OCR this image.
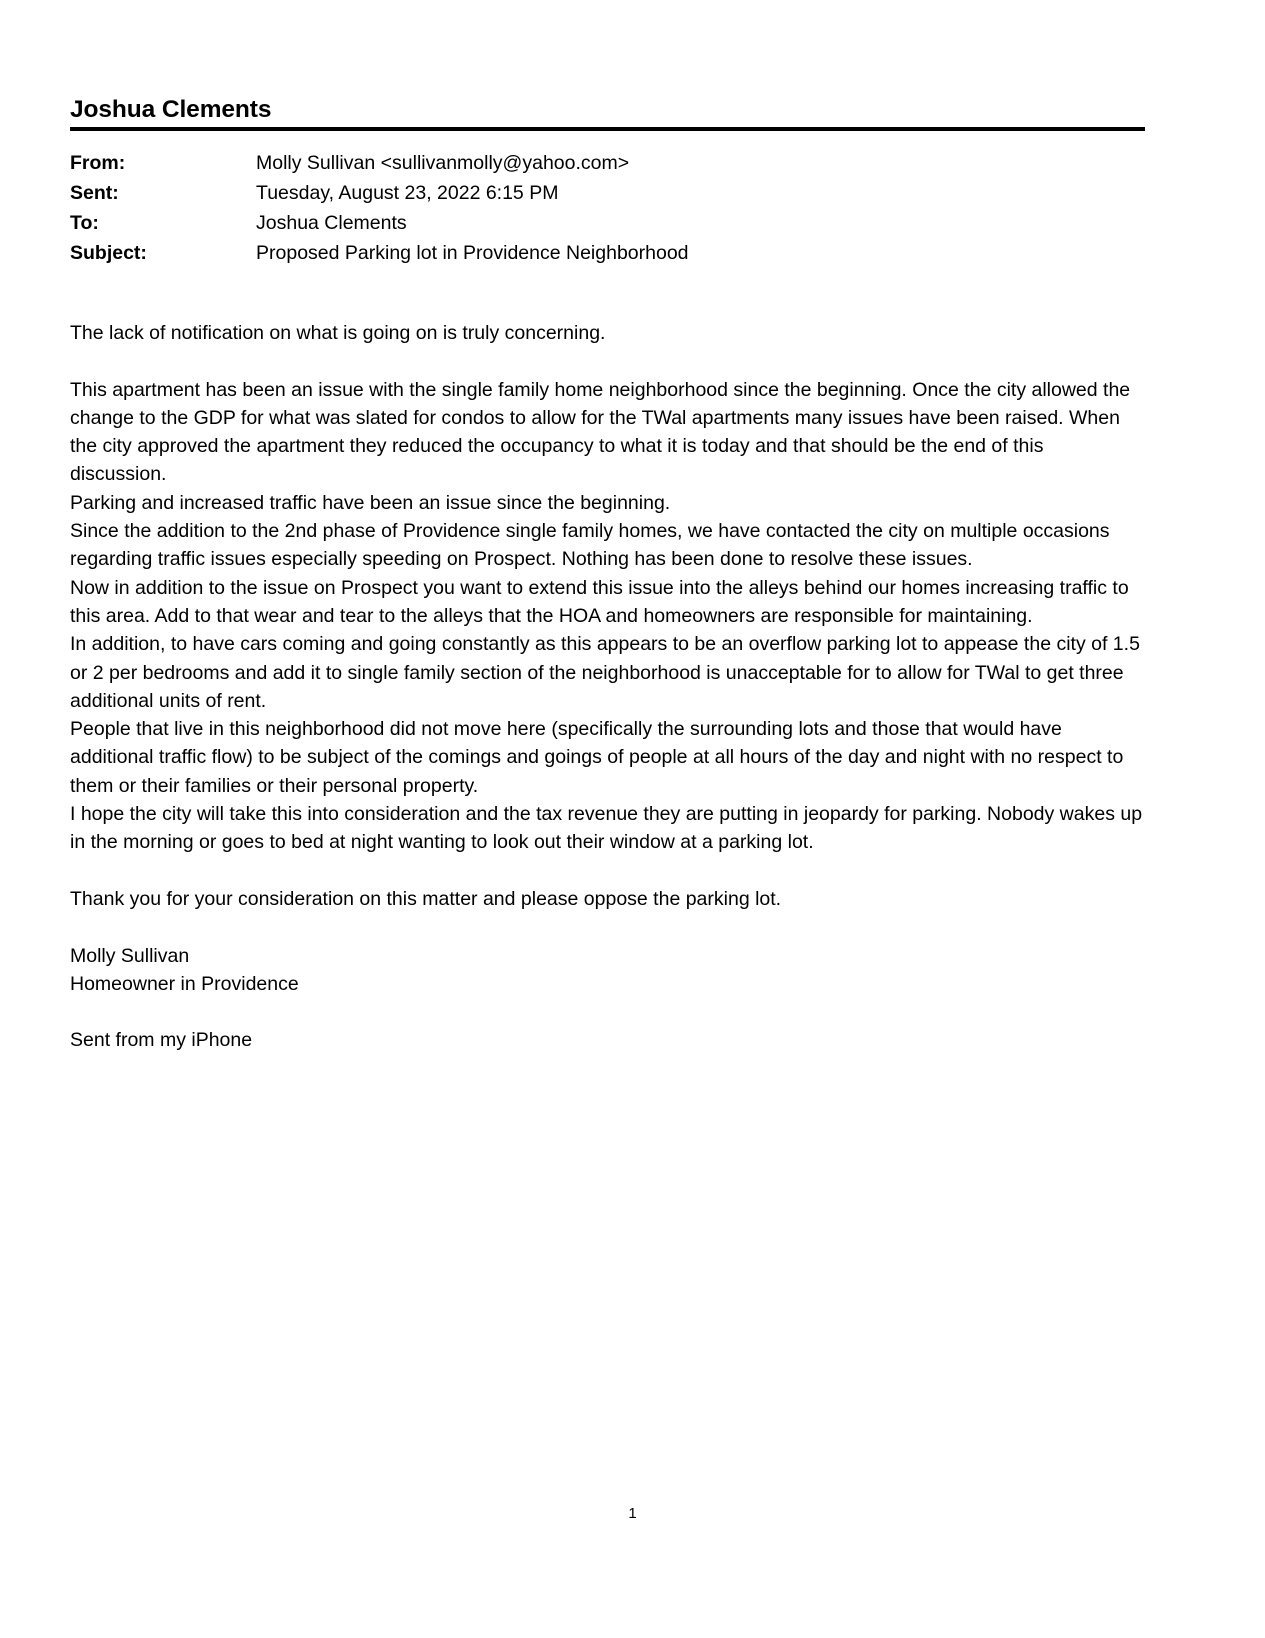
Joshua Clements
From:	Molly Sullivan <sullivanmolly@yahoo.com>
Sent:	Tuesday, August 23, 2022 6:15 PM
To:	Joshua Clements
Subject:	Proposed Parking lot in Providence Neighborhood

The lack of notification on what is going on is truly concerning.

This apartment has been an issue with the single family home neighborhood since the beginning. Once the city allowed the change to the GDP for what was slated for condos to allow for the TWal apartments many issues have been raised. When the city approved the apartment they reduced the occupancy to what it is today and that should be the end of this discussion.

Parking and increased traffic have been an issue since the beginning.

Since the addition to the 2nd phase of Providence single family homes, we have contacted the city on multiple occasions regarding traffic issues especially speeding on Prospect. Nothing has been done to resolve these issues.

Now in addition to the issue on Prospect you want to extend this issue into the alleys behind our homes increasing traffic to this area. Add to that wear and tear to the alleys that the HOA and homeowners are responsible for maintaining.

In addition, to have cars coming and going constantly as this appears to be an overflow parking lot to appease the city of 1.5 or 2 per bedrooms and add it to single family section of the neighborhood is unacceptable for to allow for TWal to get three additional units of rent.

People that live in this neighborhood did not move here (specifically the surrounding lots and those that would have additional traffic flow) to be subject of the comings and goings of people at all hours of the day and night with no respect to them or their families or their personal property.

I hope the city will take this into consideration and the tax revenue they are putting in jeopardy for parking. Nobody wakes up in the morning or goes to bed at night wanting to look out their window at a parking lot.

Thank you for your consideration on this matter and please oppose the parking lot.

Molly Sullivan

Homeowner in Providence

Sent from my iPhone

1
